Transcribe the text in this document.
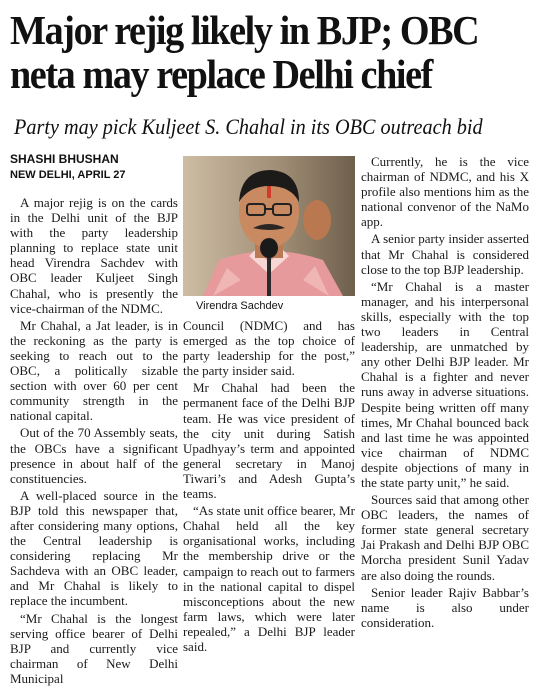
Major rejig likely in BJP; OBC
neta may replace Delhi chief
Party may pick Kuljeet S. Chahal in its OBC outreach bid
SHASHI BHUSHAN
NEW DELHI, APRIL 27

A major rejig is on the cards in the Delhi unit of the BJP with the party leadership planning to replace state unit head Virendra Sachdev with OBC leader Kuljeet Singh Chahal, who is presently the vice-chairman of the NDMC.

Mr Chahal, a Jat leader, is in the reckoning as the party is seeking to reach out to the OBC, a politically sizable section with over 60 per cent community strength in the national capital.

Out of the 70 Assembly seats, the OBCs have a significant presence in about half of the constituencies.

A well-placed source in the BJP told this newspaper that, after considering many options, the Central leadership is considering replacing Mr Sachdeva with an OBC leader, and Mr Chahal is likely to replace the incumbent.

“Mr Chahal is the longest serving office bearer of Delhi BJP and currently vice chairman of New Delhi Municipal

Virendra Sachdev

Council (NDMC) and has emerged as the top choice of party leadership for the post,” the party insider said.

Mr Chahal had been the permanent face of the Delhi BJP team. He was vice president of the city unit during Satish Upadhyay’s term and appointed general secretary in Manoj Tiwari’s and Adesh Gupta’s teams.

“As state unit office bearer, Mr Chahal held all the key organisational works, including the membership drive or the campaign to reach out to farmers in the national capital to dispel misconceptions about the new farm laws, which were later repealed,” a Delhi BJP leader said.

Currently, he is the vice chairman of NDMC, and his X profile also mentions him as the national convenor of the NaMo app.

A senior party insider asserted that Mr Chahal is considered close to the top BJP leadership.

“Mr Chahal is a master manager, and his interpersonal skills, especially with the top two leaders in Central leadership, are unmatched by any other Delhi BJP leader. Mr Chahal is a fighter and never runs away in adverse situations. Despite being written off many times, Mr Chahal bounced back and last time he was appointed vice chairman of NDMC despite objections of many in the state party unit,” he said.

Sources said that among other OBC leaders, the names of former state general secretary Jai Prakash and Delhi BJP OBC Morcha president Sunil Yadav are also doing the rounds.

Senior leader Rajiv Babbar’s name is also under consideration.
